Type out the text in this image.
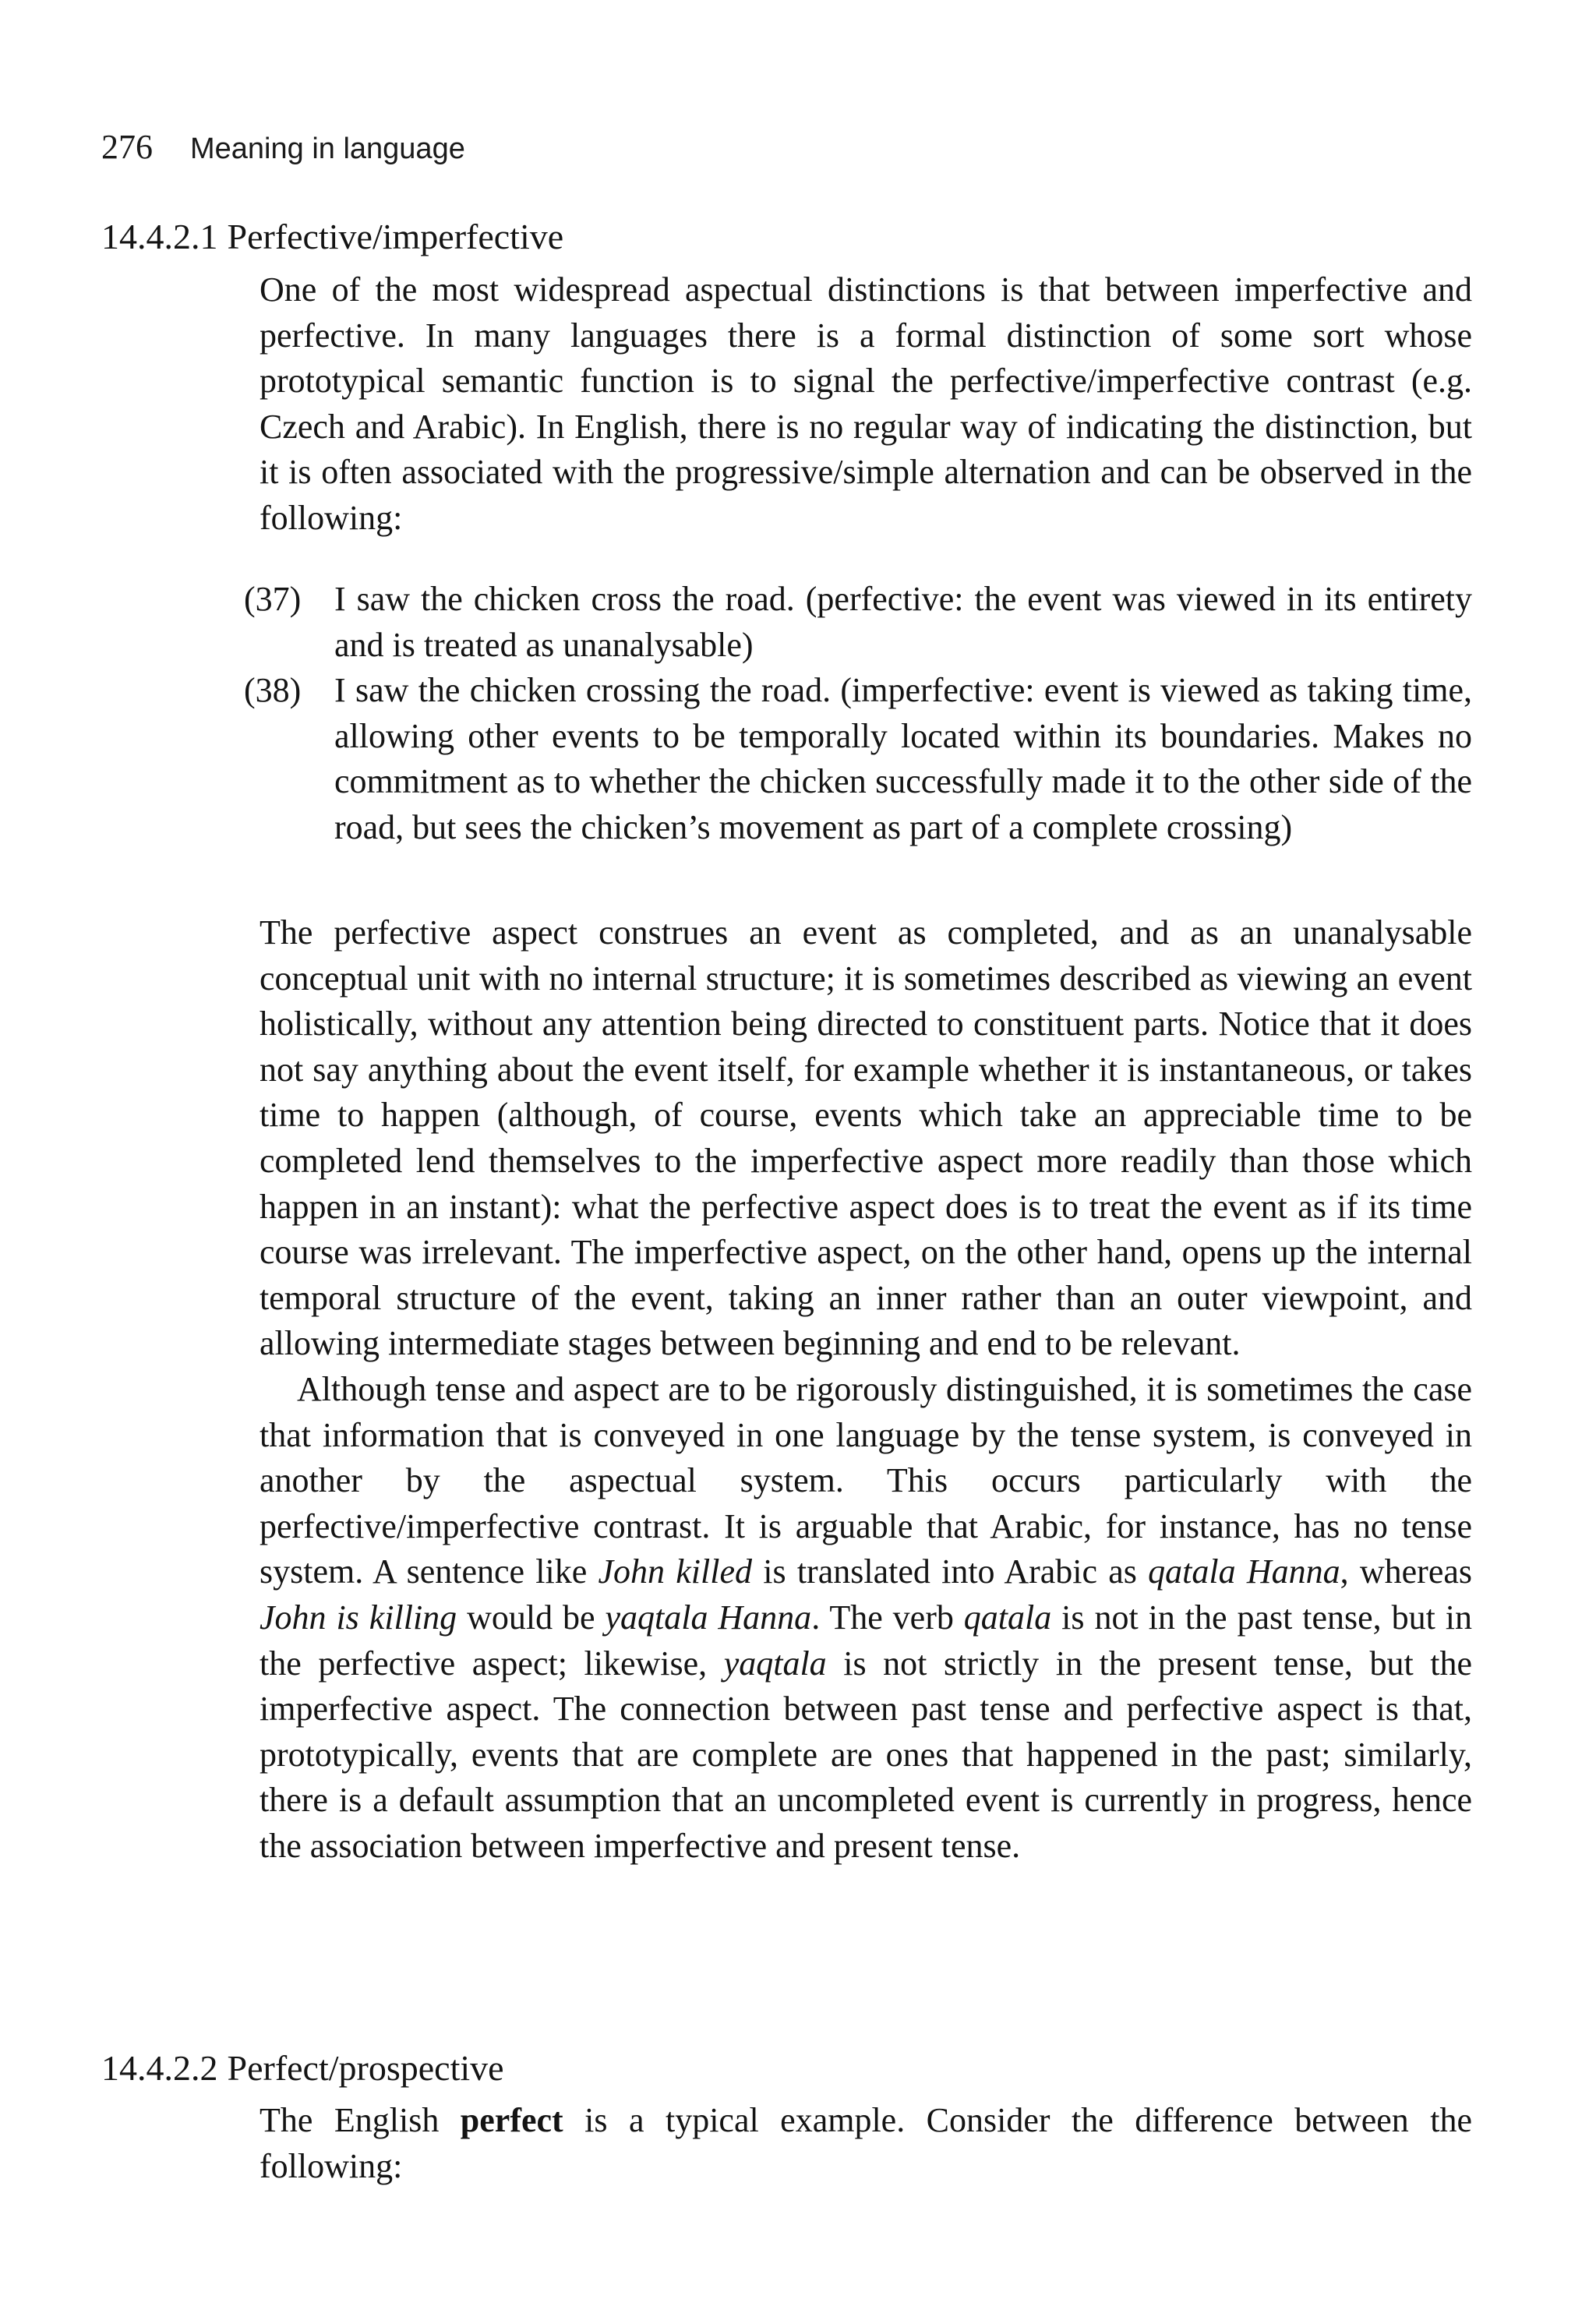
276 Meaning in language
14.4.2.1 Perfective/imperfective

One of the most widespread aspectual distinctions is that between imperfective and perfective. In many languages there is a formal distinction of some sort whose prototypical semantic function is to signal the perfective/​imperfective contrast (e.g. Czech and Arabic). In English, there is no regular way of indicating the distinction, but it is often associated with the progressive/simple alternation and can be observed in the following:

(37) I saw the chicken cross the road. (perfective: the event was viewed in its entirety and is treated as unanalysable)
(38) I saw the chicken crossing the road. (imperfective: event is viewed as taking time, allowing other events to be temporally located within its boundaries. Makes no commitment as to whether the chicken successfully made it to the other side of the road, but sees the chicken’s movement as part of a complete crossing)

The perfective aspect construes an event as completed, and as an unanalysable conceptual unit with no internal structure; it is sometimes described as viewing an event holistically, without any attention being directed to constituent parts. Notice that it does not say anything about the event itself, for example whether it is instantaneous, or takes time to happen (although, of course, events which take an appreciable time to be completed lend themselves to the imperfective aspect more readily than those which happen in an instant): what the perfective aspect does is to treat the event as if its time course was irrelevant. The imperfective aspect, on the other hand, opens up the internal temporal structure of the event, taking an inner rather than an outer viewpoint, and allowing intermediate stages between beginning and end to be relevant.

Although tense and aspect are to be rigorously distinguished, it is sometimes the case that information that is conveyed in one language by the tense system, is conveyed in another by the aspectual system. This occurs particularly with the perfective/imperfective contrast. It is arguable that Arabic, for instance, has no tense system. A sentence like John killed is translated into Arabic as qatala Hanna, whereas John is killing would be yaqtala Hanna. The verb qatala is not in the past tense, but in the perfective aspect; likewise, yaqtala is not strictly in the present tense, but the imperfective aspect. The connection between past tense and perfective aspect is that, prototypically, events that are complete are ones that happened in the past; similarly, there is a default assumption that an uncompleted event is currently in progress, hence the association between imperfective and present tense.

14.4.2.2 Perfect/prospective

The English perfect is a typical example. Consider the difference between the following:
